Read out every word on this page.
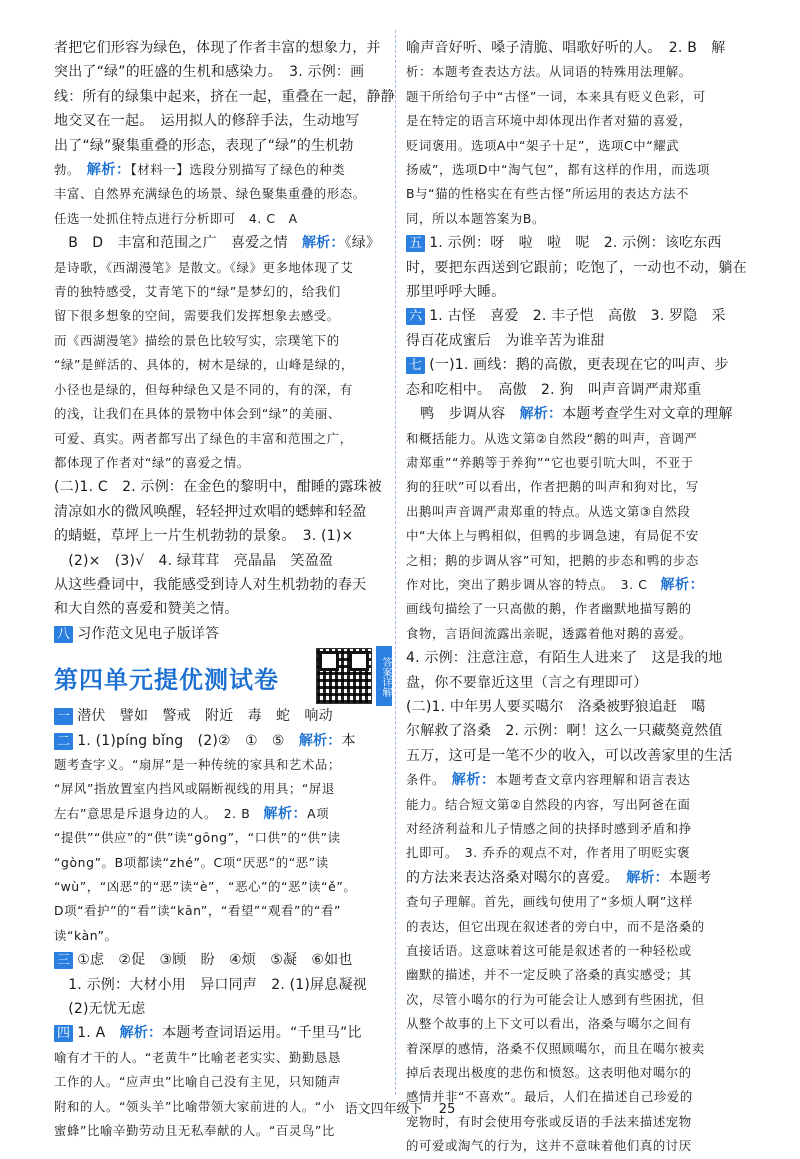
者把它们形容为绿色，体现了作者丰富的想象力，并

突出了“绿”的旺盛的生机和感染力。　3. 示例：画

线：所有的绿集中起来，挤在一起，重叠在一起，静静

地交叉在一起。　运用拟人的修辞手法，生动地写

出了“绿”聚集重叠的形态，表现了“绿”的生机勃

勃。　解析：【材料一】选段分别描写了绿色的种类

丰富、自然界充满绿色的场景、绿色聚集重叠的形态。

任选一处抓住特点进行分析即可　4. C　A

　B　D　丰富和范围之广　喜爱之情　解析：《绿》

是诗歌，《西湖漫笔》是散文。《绿》更多地体现了艾

青的独特感受，艾青笔下的“绿”是梦幻的，给我们

留下很多想象的空间，需要我们发挥想象去感受。

而《西湖漫笔》描绘的景色比较写实，宗璞笔下的

“绿”是鲜活的、具体的，树木是绿的，山峰是绿的，

小径也是绿的，但每种绿色又是不同的，有的深，有

的浅，让我们在具体的景物中体会到“绿”的美丽、

可爱、真实。两者都写出了绿色的丰富和范围之广，

都体现了作者对“绿”的喜爱之情。

(二)1. C　2. 示例：在金色的黎明中，酣睡的露珠被

清凉如水的微风唤醒，轻轻押过欢唱的蟋蟀和轻盈

的蜻蜓，草坪上一片生机勃勃的景象。　3. (1)×

　(2)×　(3)√　4. 绿茸茸　亮晶晶　笑盈盈

从这些叠词中，我能感受到诗人对生机勃勃的春天

和大自然的喜爱和赞美之情。

八 习作范文见电子版详答

第四单元提优测试卷	答案详解

一 潜伏　譬如　警戒　附近　毒　蛇　响动

二 1. (1)píng bǐng　(2)②　①　⑤　解析：本

题考查字义。“扇屏”是一种传统的家具和艺术品；

“屏风”指放置室内挡风或隔断视线的用具；“屏退

左右”意思是斥退身边的人。　2. B　解析：A项

“提供”“供应”的“供”读“gōng”，“口供”的“供”读

“gòng”。B项都读“zhé”。C项“厌恶”的“恶”读

“wù”，“凶恶”的“恶”读“è”，“恶心”的“恶”读“ě”。

D项“看护”的“看”读“kān”，“看望”“观看”的“看”

读“kàn”。

三 ①虑　②促　③顾　盼　④烦　⑤凝　⑥如也

　1. 示例：大材小用　异口同声　2. (1)屏息凝视

　(2)无忧无虑

四 1. A　解析：本题考查词语运用。“千里马”比

喻有才干的人。“老黄牛”比喻老老实实、勤勤恳恳

工作的人。“应声虫”比喻自己没有主见，只知随声

附和的人。“领头羊”比喻带领大家前进的人。“小

蜜蜂”比喻辛勤劳动且无私奉献的人。“百灵鸟”比

喻声音好听、嗓子清脆、唱歌好听的人。　2. B　解

析：本题考查表达方法。从词语的特殊用法理解。

题干所给句子中“古怪”一词，本来具有贬义色彩，可

是在特定的语言环境中却体现出作者对猫的喜爱，

贬词褒用。选项A中“架子十足”，选项C中“耀武

扬威”，选项D中“淘气包”，都有这样的作用，而选项

B与“猫的性格实在有些古怪”所运用的表达方法不

同，所以本题答案为B。

五 1. 示例：呀　啦　啦　呢　2. 示例：该吃东西

时，要把东西送到它跟前；吃饱了，一动也不动，躺在

那里呼呼大睡。

六 1. 古怪　喜爱　2. 丰子恺　高傲　3. 罗隐　采

得百花成蜜后　为谁辛苦为谁甜

七 (一)1. 画线：鹅的高傲，更表现在它的叫声、步

态和吃相中。　高傲　2. 狗　叫声音调严肃郑重

　鸭　步调从容　解析：本题考查学生对文章的理解

和概括能力。从选文第②自然段“鹅的叫声，音调严

肃郑重”“养鹅等于养狗”“它也要引吭大叫，不亚于

狗的狂吠”可以看出，作者把鹅的叫声和狗对比，写

出鹅叫声音调严肃郑重的特点。从选文第③自然段

中“大体上与鸭相似，但鸭的步调急速，有局促不安

之相；鹅的步调从容”可知，把鹅的步态和鸭的步态

作对比，突出了鹅步调从容的特点。　3. C　解析：

画线句描绘了一只高傲的鹅，作者幽默地描写鹅的

食物，言语间流露出亲昵，透露着他对鹅的喜爱。

4. 示例：注意注意，有陌生人进来了　这是我的地

盘，你不要靠近这里（言之有理即可）

(二)1. 中年男人要买噶尔　洛桑被野狼追赶　噶

尔解救了洛桑　2. 示例：啊！这么一只藏獒竟然值

五万，这可是一笔不少的收入，可以改善家里的生活

条件。　解析：本题考查文章内容理解和语言表达

能力。结合短文第②自然段的内容，写出阿爸在面

对经济利益和儿子情感之间的抉择时感到矛盾和挣

扎即可。　3. 乔乔的观点不对，作者用了明贬实褒

的方法来表达洛桑对噶尔的喜爱。　解析：本题考

查句子理解。首先，画线句使用了“多烦人啊”这样

的表达，但它出现在叙述者的旁白中，而不是洛桑的

直接话语。这意味着这可能是叙述者的一种轻松或

幽默的描述，并不一定反映了洛桑的真实感受；其

次，尽管小噶尔的行为可能会让人感到有些困扰，但

从整个故事的上下文可以看出，洛桑与噶尔之间有

着深厚的感情，洛桑不仅照顾噶尔，而且在噶尔被卖

掉后表现出极度的悲伤和愤怒。这表明他对噶尔的

感情并非“不喜欢”。最后，人们在描述自己珍爱的

宠物时，有时会使用夸张或反语的手法来描述宠物

的可爱或淘气的行为，这并不意味着他们真的讨厌

语文四年级下 25
